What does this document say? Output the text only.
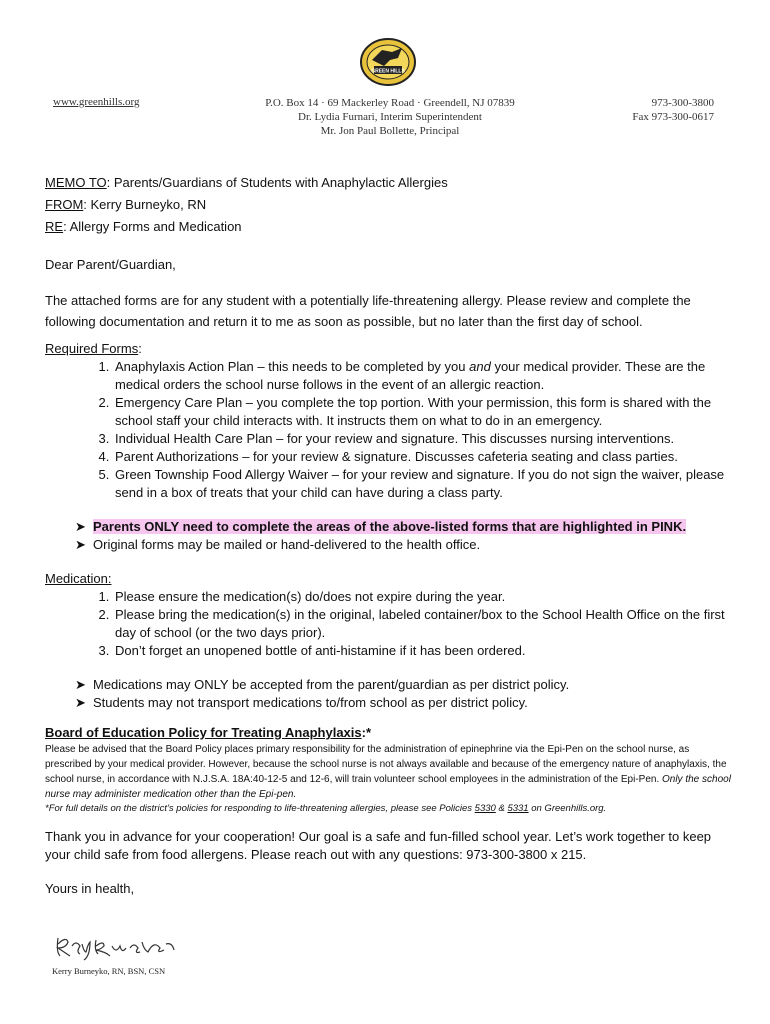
GREEN HILLS
www.greenhills.org	P.O. Box 14 · 69 Mackerley Road · Greendell, NJ 07839
Dr. Lydia Furnari, Interim Superintendent
Mr. Jon Paul Bollette, Principal
973-300-3800
Fax 973-300-0617
MEMO TO: Parents/Guardians of Students with Anaphylactic Allergies
FROM: Kerry Burneyko, RN
RE: Allergy Forms and Medication

Dear Parent/Guardian,

The attached forms are for any student with a potentially life-threatening allergy. Please review and complete the following documentation and return it to me as soon as possible, but no later than the first day of school.

Required Forms:
1. Anaphylaxis Action Plan – this needs to be completed by you and your medical provider. These are the medical orders the school nurse follows in the event of an allergic reaction.
2. Emergency Care Plan – you complete the top portion. With your permission, this form is shared with the school staff your child interacts with. It instructs them on what to do in an emergency.
3. Individual Health Care Plan – for your review and signature. This discusses nursing interventions.
4. Parent Authorizations – for your review & signature. Discusses cafeteria seating and class parties.
5. Green Township Food Allergy Waiver – for your review and signature. If you do not sign the waiver, please send in a box of treats that your child can have during a class party.
➤ Parents ONLY need to complete the areas of the above-listed forms that are highlighted in PINK.
➤ Original forms may be mailed or hand-delivered to the health office.
Medication:
1. Please ensure the medication(s) do/does not expire during the year.
2. Please bring the medication(s) in the original, labeled container/box to the School Health Office on the first day of school (or the two days prior).
3. Don’t forget an unopened bottle of anti-histamine if it has been ordered.
➤ Medications may ONLY be accepted from the parent/guardian as per district policy.
➤ Students may not transport medications to/from school as per district policy.
Board of Education Policy for Treating Anaphylaxis:*

Please be advised that the Board Policy places primary responsibility for the administration of epinephrine via the Epi-Pen on the school nurse, as prescribed by your medical provider. However, because the school nurse is not always available and because of the emergency nature of anaphylaxis, the school nurse, in accordance with N.J.S.A. 18A:40-12-5 and 12-6, will train volunteer school employees in the administration of the Epi-Pen. Only the school nurse may administer medication other than the Epi-pen.

*For full details on the district’s policies for responding to life-threatening allergies, please see Policies 5330 & 5331 on Greenhills.org.

Thank you in advance for your cooperation! Our goal is a safe and fun-filled school year. Let’s work together to keep your child safe from food allergens. Please reach out with any questions: 973-300-3800 x 215.

Yours in health,

Kerry Burneyko, RN, BSN, CSN
